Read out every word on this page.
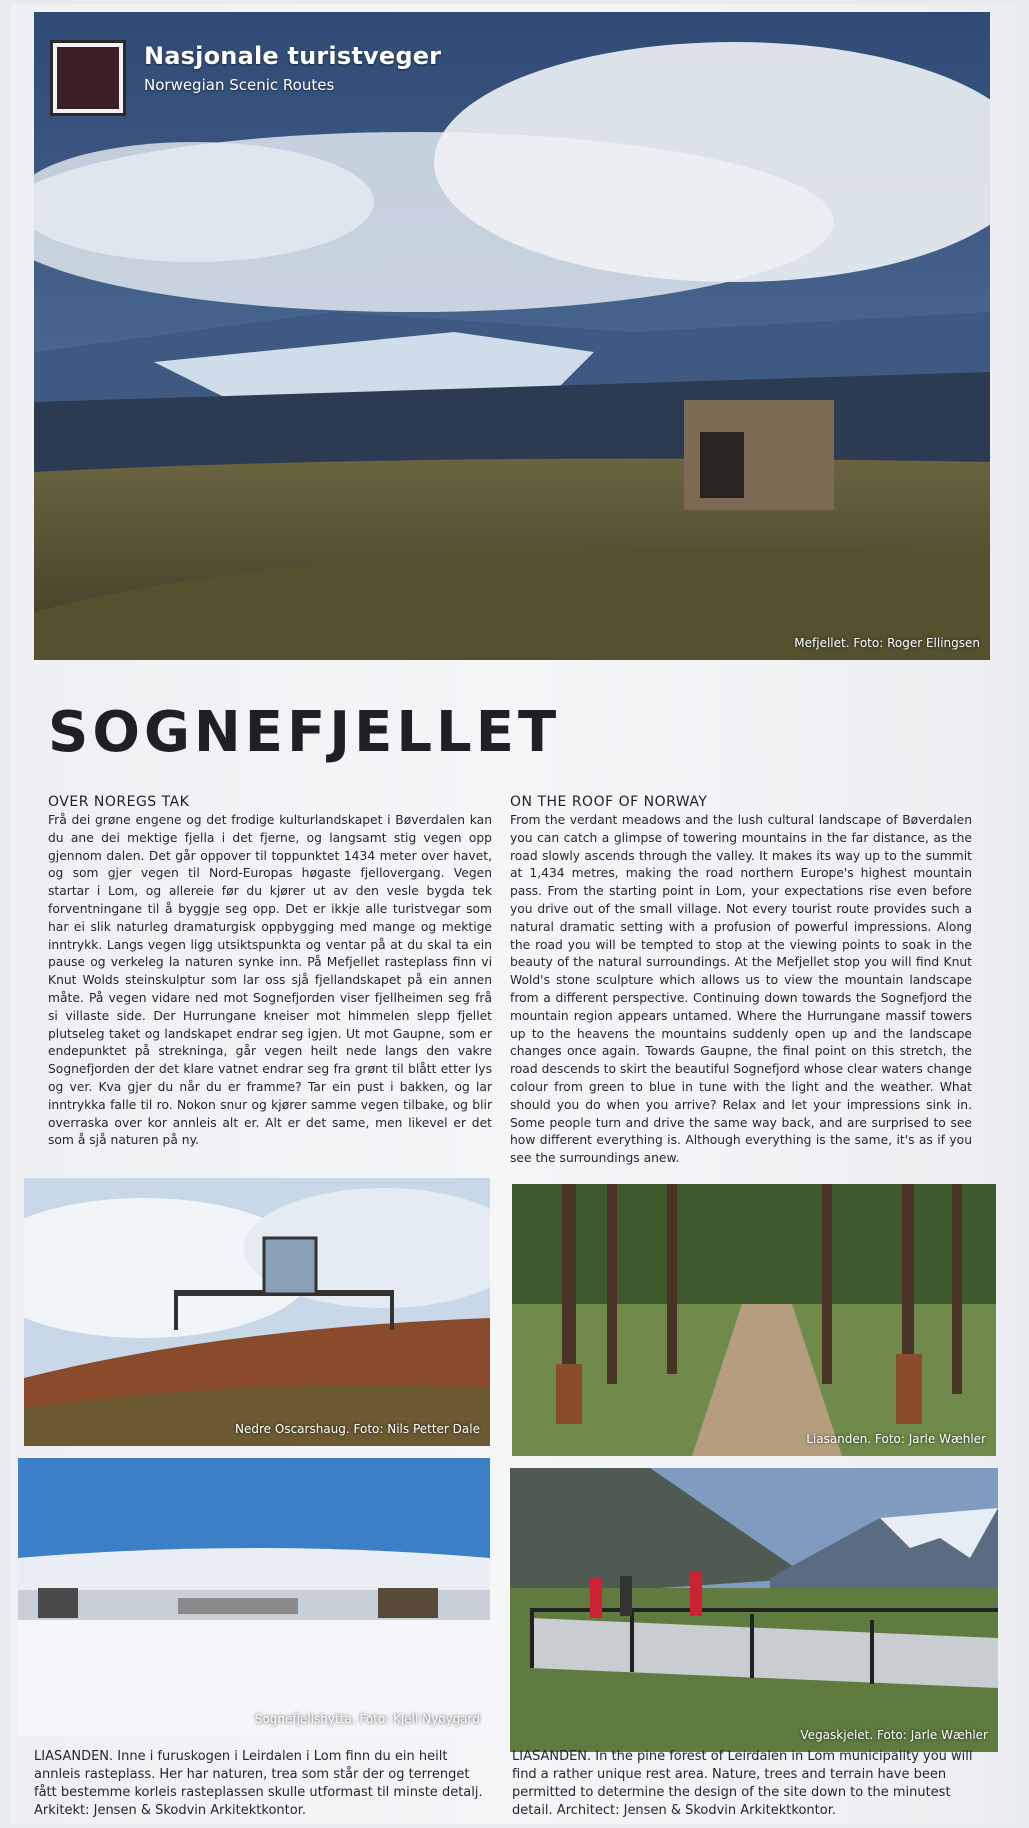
Nasjonale turistveger
Norwegian Scenic Routes
Mefjellet. Foto: Roger Ellingsen
SOGNEFJELLET
OVER NOREGS TAK

Frå dei grøne engene og det frodige kulturlandskapet i Bøverdalen kan du ane dei mektige fjella i det fjerne, og langsamt stig vegen opp gjennom dalen. Det går oppover til toppunktet 1434 meter over havet, og som gjer vegen til Nord-Europas høgaste fjellovergang. Vegen startar i Lom, og allereie før du kjører ut av den vesle bygda tek forventningane til å byggje seg opp. Det er ikkje alle turistvegar som har ei slik naturleg dramaturgisk oppbygging med mange og mektige inntrykk. Langs vegen ligg utsiktspunkta og ventar på at du skal ta ein pause og verkeleg la naturen synke inn. På Mefjellet rasteplass finn vi Knut Wolds steinskulptur som lar oss sjå fjellandskapet på ein annen måte. På vegen vidare ned mot Sognefjorden viser fjellheimen seg frå si villaste side. Der Hurrungane kneiser mot himmelen slepp fjellet plutseleg taket og landskapet endrar seg igjen. Ut mot Gaupne, som er endepunktet på strekninga, går vegen heilt nede langs den vakre Sognefjorden der det klare vatnet endrar seg fra grønt til blått etter lys og ver. Kva gjer du når du er framme? Tar ein pust i bakken, og lar inntrykka falle til ro. Nokon snur og kjører samme vegen tilbake, og blir overraska over kor annleis alt er. Alt er det same, men likevel er det som å sjå naturen på ny.

ON THE ROOF OF NORWAY

From the verdant meadows and the lush cultural landscape of Bøverdalen you can catch a glimpse of towering mountains in the far distance, as the road slowly ascends through the valley. It makes its way up to the summit at 1,434 metres, making the road northern Europe's highest mountain pass. From the starting point in Lom, your expectations rise even before you drive out of the small village. Not every tourist route provides such a natural dramatic setting with a profusion of powerful impressions. Along the road you will be tempted to stop at the viewing points to soak in the beauty of the natural surroundings. At the Mefjellet stop you will find Knut Wold's stone sculpture which allows us to view the mountain landscape from a different perspective. Continuing down towards the Sognefjord the mountain region appears untamed. Where the Hurrungane massif towers up to the heavens the mountains suddenly open up and the landscape changes once again. Towards Gaupne, the final point on this stretch, the road descends to skirt the beautiful Sognefjord whose clear waters change colour from green to blue in tune with the light and the weather. What should you do when you arrive? Relax and let your impressions sink in. Some people turn and drive the same way back, and are surprised to see how different everything is. Although everything is the same, it's as if you see the surroundings anew.

Nedre Oscarshaug. Foto: Nils Petter Dale
Liasanden. Foto: Jarle Wæhler
Sognefjellshytta. Foto: Kjell Nyøygard
Vegaskjelet. Foto: Jarle Wæhler
LIASANDEN. Inne i furuskogen i Leirdalen i Lom finn du ein heilt annleis rasteplass. Her har naturen, trea som står der og terrenget fått bestemme korleis rasteplassen skulle utformast til minste detalj. Arkitekt: Jensen & Skodvin Arkitektkontor.
LIASANDEN. In the pine forest of Leirdalen in Lom municipality you will find a rather unique rest area. Nature, trees and terrain have been permitted to determine the design of the site down to the minutest detail. Architect: Jensen & Skodvin Arkitektkontor.
